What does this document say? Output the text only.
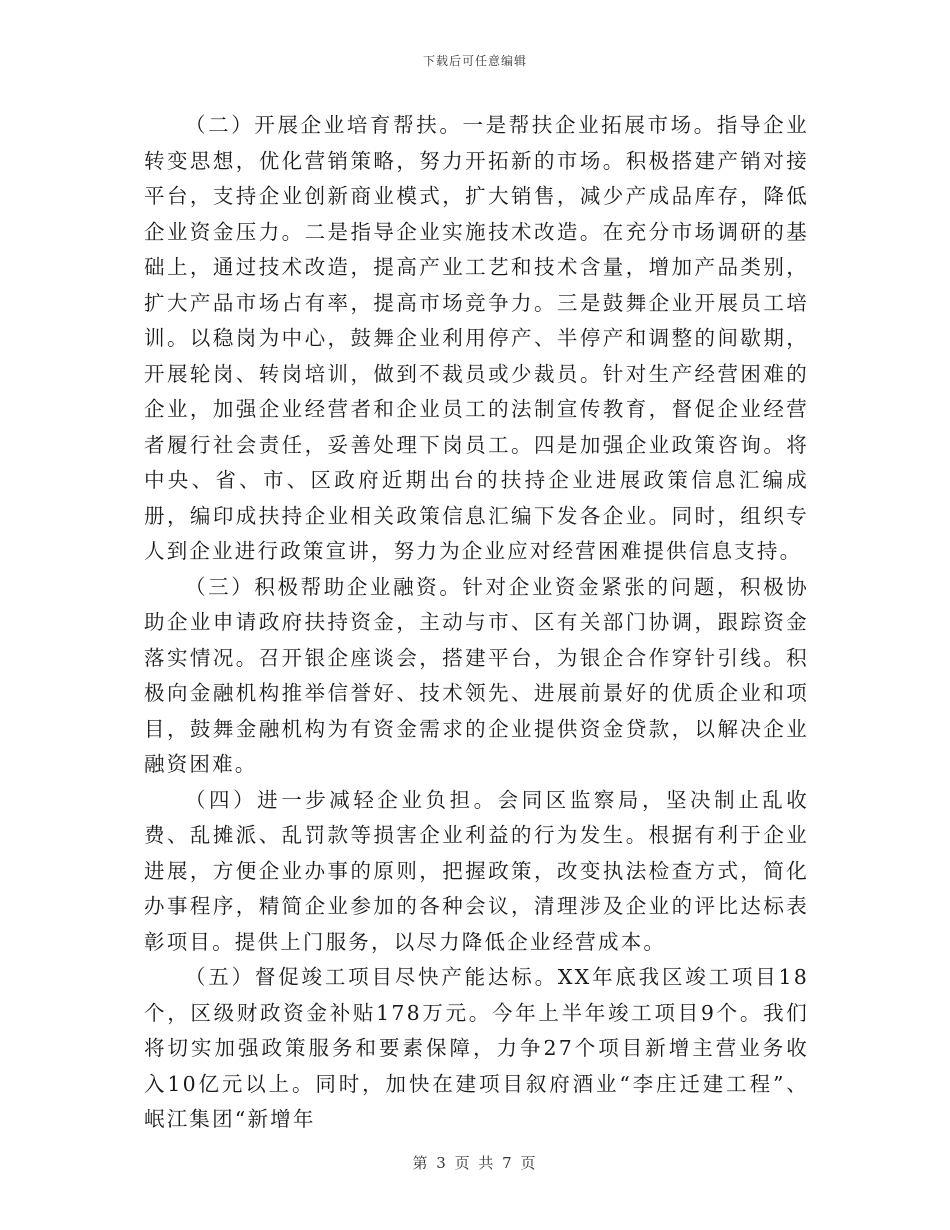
下载后可任意编辑

（二）开展企业培育帮扶。一是帮扶企业拓展市场。指导企业转变思想，优化营销策略，努力开拓新的市场。积极搭建产销对接平台，支持企业创新商业模式，扩大销售，减少产成品库存，降低企业资金压力。二是指导企业实施技术改造。在充分市场调研的基础上，通过技术改造，提高产业工艺和技术含量，增加产品类别，扩大产品市场占有率，提高市场竞争力。三是鼓舞企业开展员工培训。以稳岗为中心，鼓舞企业利用停产、半停产和调整的间歇期，开展轮岗、转岗培训，做到不裁员或少裁员。针对生产经营困难的企业，加强企业经营者和企业员工的法制宣传教育，督促企业经营者履行社会责任，妥善处理下岗员工。四是加强企业政策咨询。将中央、省、市、区政府近期出台的扶持企业进展政策信息汇编成册，编印成扶持企业相关政策信息汇编下发各企业。同时，组织专人到企业进行政策宣讲，努力为企业应对经营困难提供信息支持。

（三）积极帮助企业融资。针对企业资金紧张的问题，积极协助企业申请政府扶持资金，主动与市、区有关部门协调，跟踪资金落实情况。召开银企座谈会，搭建平台，为银企合作穿针引线。积极向金融机构推举信誉好、技术领先、进展前景好的优质企业和项目，鼓舞金融机构为有资金需求的企业提供资金贷款，以解决企业融资困难。

（四）进一步减轻企业负担。会同区监察局，坚决制止乱收费、乱摊派、乱罚款等损害企业利益的行为发生。根据有利于企业进展，方便企业办事的原则，把握政策，改变执法检查方式，简化办事程序，精简企业参加的各种会议，清理涉及企业的评比达标表彰项目。提供上门服务，以尽力降低企业经营成本。

（五）督促竣工项目尽快产能达标。XX年底我区竣工项目18个，区级财政资金补贴178万元。今年上半年竣工项目9个。我们将切实加强政策服务和要素保障，力争27个项目新增主营业务收入10亿元以上。同时，加快在建项目叙府酒业“李庄迁建工程”、岷江集团“新增年

第 3 页 共 7 页
